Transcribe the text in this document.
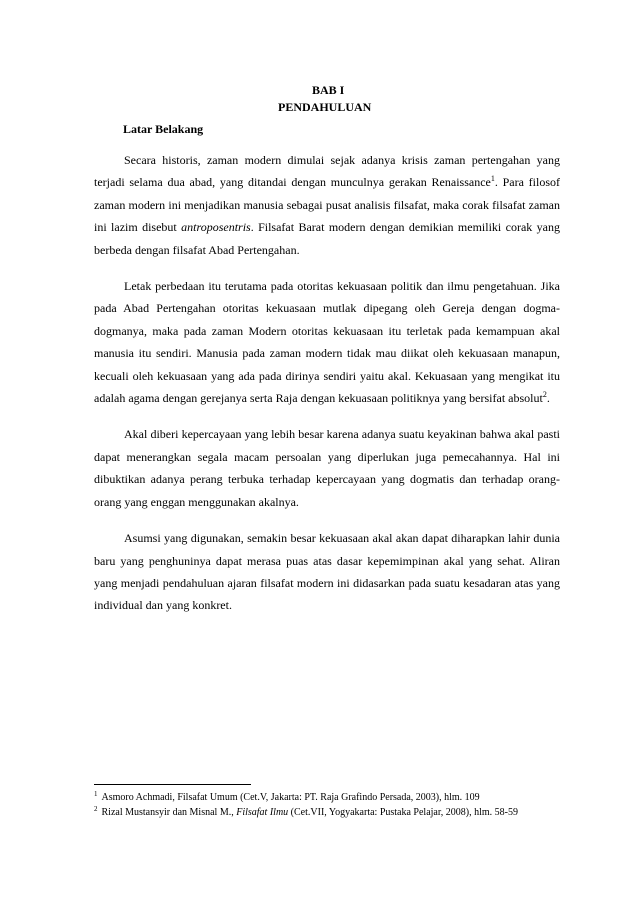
BAB I
PENDAHULUAN
Latar Belakang

Secara historis, zaman modern dimulai sejak adanya krisis zaman pertengahan yang terjadi selama dua abad, yang ditandai dengan munculnya gerakan Renaissance$^1$. Para filosof zaman modern ini menjadikan manusia sebagai pusat analisis filsafat, maka corak filsafat zaman ini lazim disebut antroposentris. Filsafat Barat modern dengan demikian memiliki corak yang berbeda dengan filsafat Abad Pertengahan.

Letak perbedaan itu terutama pada otoritas kekuasaan politik dan ilmu pengetahuan. Jika pada Abad Pertengahan otoritas kekuasaan mutlak dipegang oleh Gereja dengan dogma-dogmanya, maka pada zaman Modern otoritas kekuasaan itu terletak pada kemampuan akal manusia itu sendiri. Manusia pada zaman modern tidak mau diikat oleh kekuasaan manapun, kecuali oleh kekuasaan yang ada pada dirinya sendiri yaitu akal. Kekuasaan yang mengikat itu adalah agama dengan gerejanya serta Raja dengan kekuasaan politiknya yang bersifat absolut$^2$.

Akal diberi kepercayaan yang lebih besar karena adanya suatu keyakinan bahwa akal pasti dapat menerangkan segala macam persoalan yang diperlukan juga pemecahannya. Hal ini dibuktikan adanya perang terbuka terhadap kepercayaan yang dogmatis dan terhadap orang-orang yang enggan menggunakan akalnya.

Asumsi yang digunakan, semakin besar kekuasaan akal akan dapat diharapkan lahir dunia baru yang penghuninya dapat merasa puas atas dasar kepemimpinan akal yang sehat. Aliran yang menjadi pendahuluan ajaran filsafat modern ini didasarkan pada suatu kesadaran atas yang individual dan yang konkret.

$^1$ Asmoro Achmadi, Filsafat Umum (Cet.V, Jakarta: PT. Raja Grafindo Persada, 2003), hlm. 109
$^2$ Rizal Mustansyir dan Misnal M., Filsafat Ilmu (Cet.VII, Yogyakarta: Pustaka Pelajar, 2008), hlm. 58-59
